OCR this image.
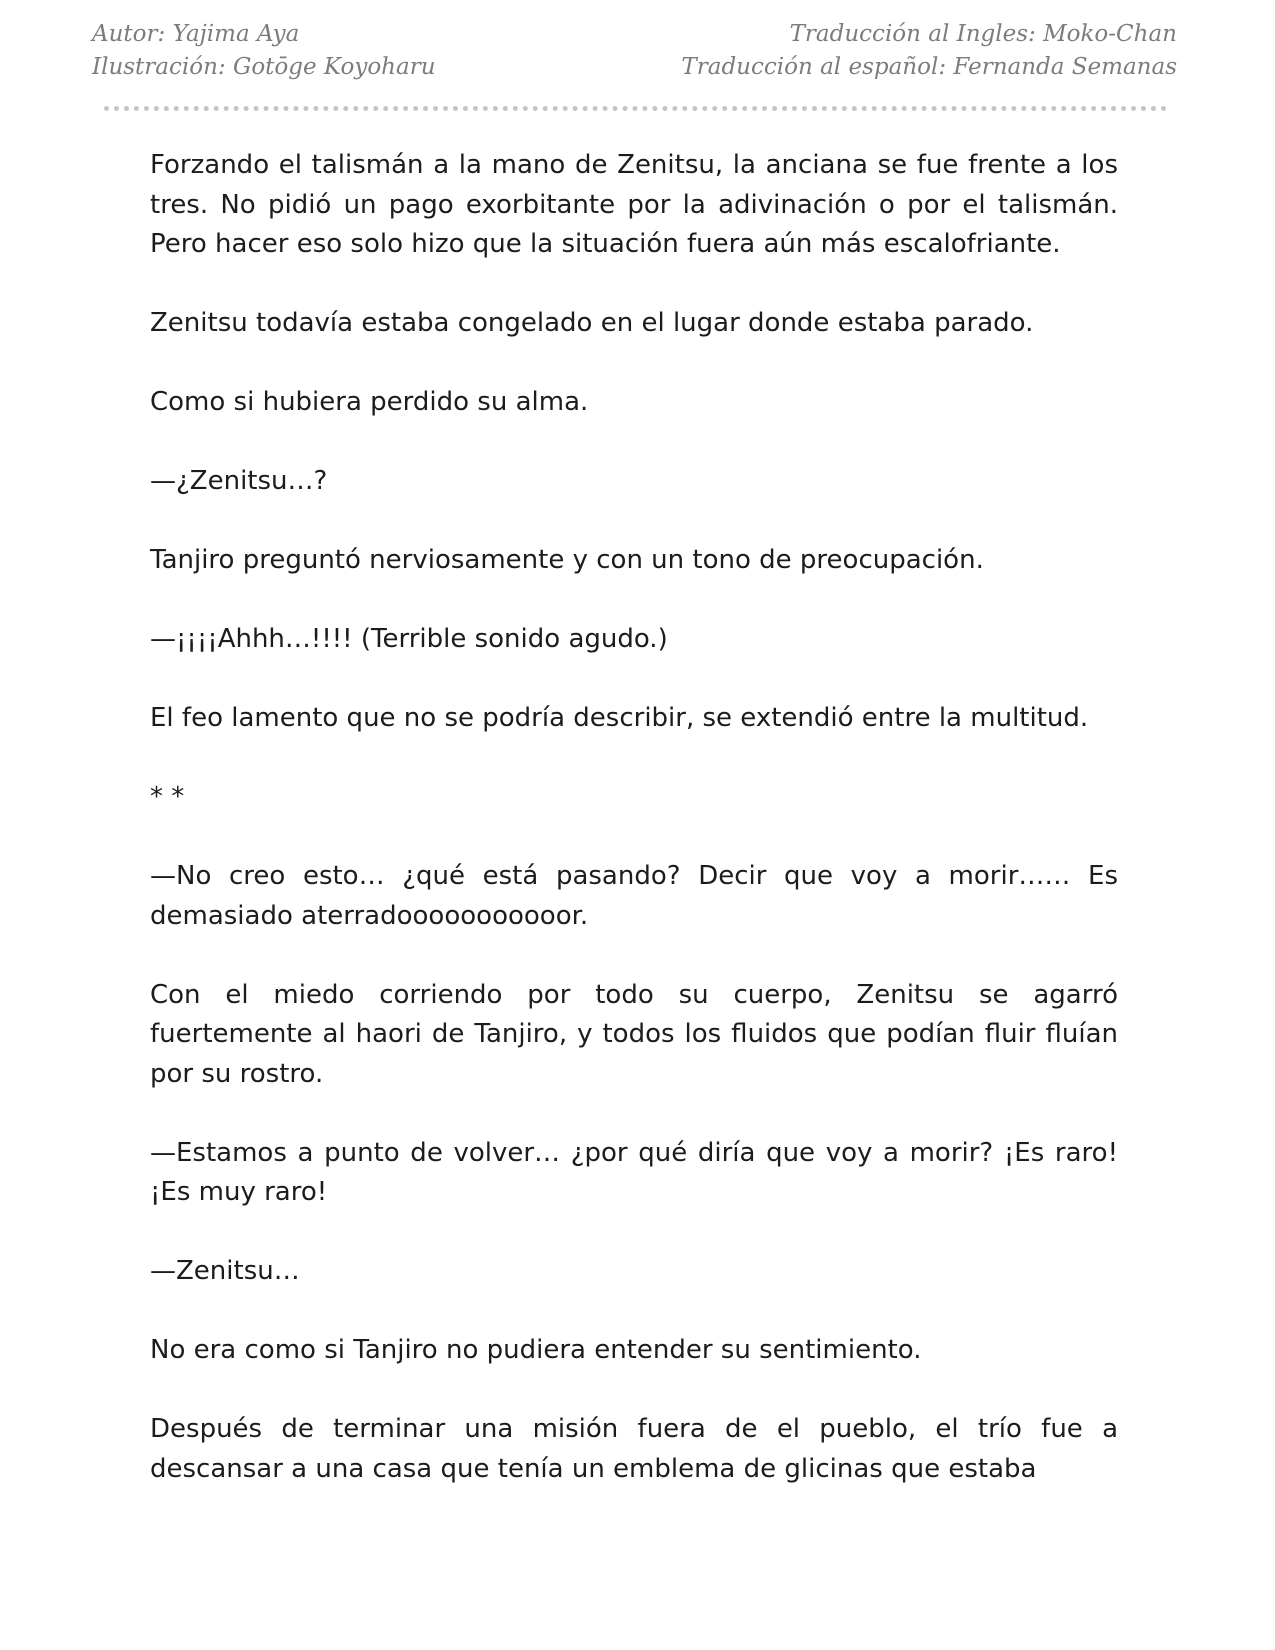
Autor: Yajima Aya	Traducción al Ingles: Moko-Chan
Ilustración: Gotōge Koyoharu	Traducción al español: Fernanda Semanas

Forzando el talismán a la mano de Zenitsu, la anciana se fue frente a los tres. No pidió un pago exorbitante por la adivinación o por el talismán. Pero hacer eso solo hizo que la situación fuera aún más escalofriante.

Zenitsu todavía estaba congelado en el lugar donde estaba parado.

Como si hubiera perdido su alma.

—¿Zenitsu…?

Tanjiro preguntó nerviosamente y con un tono de preocupación.

—¡¡¡¡Ahhh…!!!! (Terrible sonido agudo.)

El feo lamento que no se podría describir, se extendió entre la multitud.

* *

—No creo esto… ¿qué está pasando? Decir que voy a morir…… Es demasiado aterradooooooooooor.

Con el miedo corriendo por todo su cuerpo, Zenitsu se agarró fuertemente al haori de Tanjiro, y todos los fluidos que podían fluir fluían por su rostro.

—Estamos a punto de volver… ¿por qué diría que voy a morir? ¡Es raro! ¡Es muy raro!

—Zenitsu…

No era como si Tanjiro no pudiera entender su sentimiento.

Después de terminar una misión fuera de el pueblo, el trío fue a descansar a una casa que tenía un emblema de glicinas que estaba
